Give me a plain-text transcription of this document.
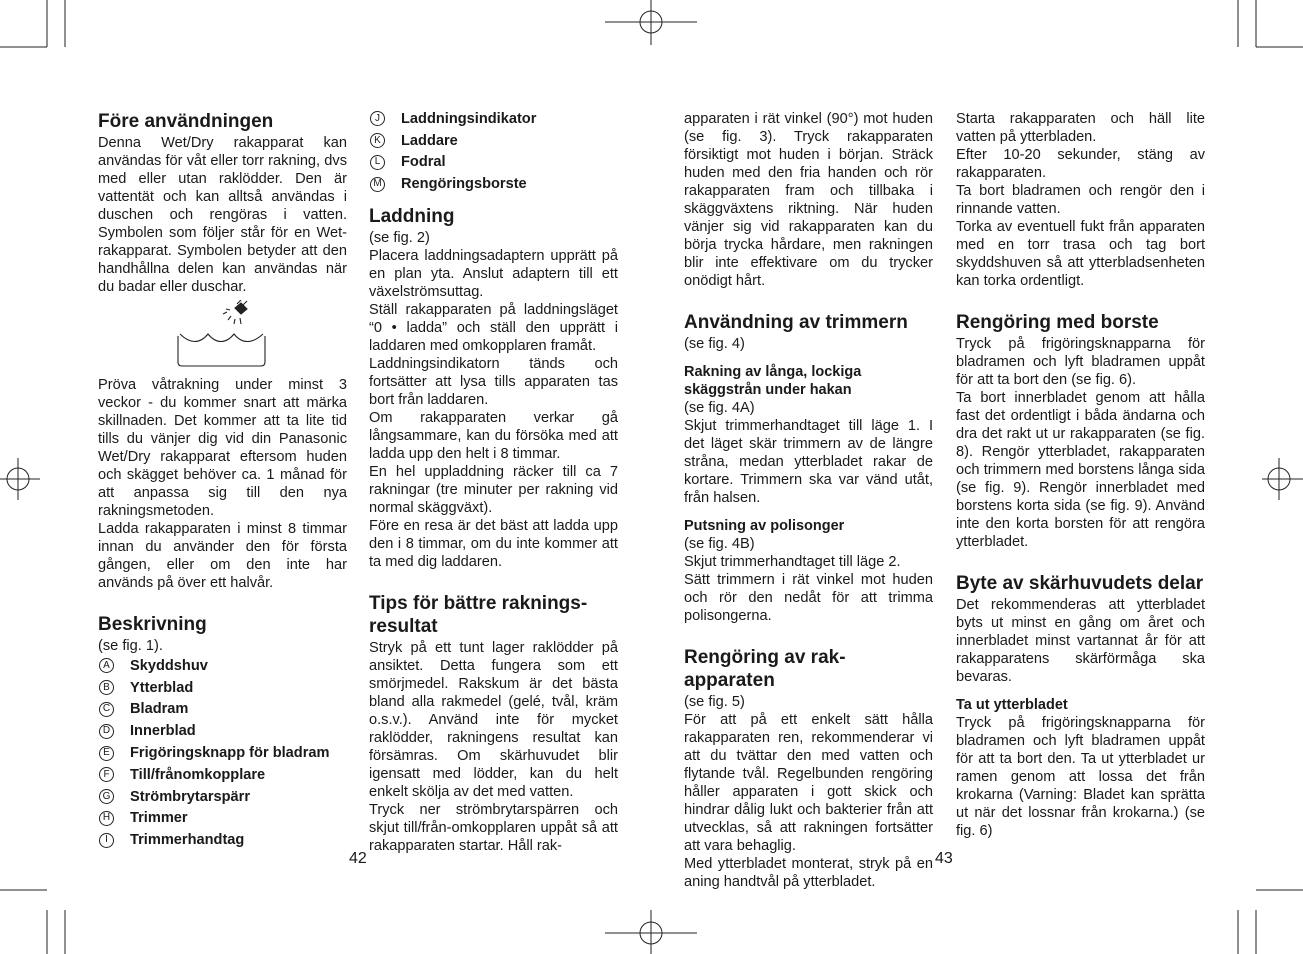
Före användningen

Denna Wet/Dry rakapparat kan användas för våt eller torr rakning, dvs med eller utan raklödder. Den är vattentät och kan alltså användas i duschen och rengöras i vatten. Symbolen som följer står för en Wet-rakapparat. Symbolen betyder att den handhållna delen kan användas när du badar eller duschar.

Pröva våtrakning under minst 3 veckor - du kommer snart att märka skillnaden. Det kommer att ta lite tid tills du vänjer dig vid din Panasonic Wet/Dry rakapparat eftersom huden och skägget behöver ca. 1 månad för att anpassa sig till den nya rakningsmetoden.

Ladda rakapparaten i minst 8 timmar innan du använder den för första gången, eller om den inte har används på över ett halvår.

Beskrivning

(se fig. 1).

A Skyddshuv
B Ytterblad
C Bladram
D Innerblad
E Frigöringsknapp för bladram
F	Till/frånomkopplare
G Strömbrytarspärr
H Trimmer
I	Trimmerhandtag
J	Laddningsindikator
K Laddare
L	Fodral
M Rengöringsborste
Laddning

(se fig. 2)

Placera laddningsadaptern upprätt på en plan yta. Anslut adaptern till ett växelströmsuttag.

Ställ rakapparaten på laddningsläget “0 • ladda” och ställ den upprätt i laddaren med omkopplaren framåt.

Laddningsindikatorn tänds och fortsätter att lysa tills apparaten tas bort från laddaren.

Om rakapparaten verkar gå långsammare, kan du försöka med att ladda upp den helt i 8 timmar.

En hel uppladdning räcker till ca 7 rakningar (tre minuter per rakning vid normal skäggväxt).

Före en resa är det bäst att ladda upp den i 8 timmar, om du inte kommer att ta med dig laddaren.

Tips för bättre raknings-resultat

Stryk på ett tunt lager raklödder på ansiktet. Detta fungera som ett smörjmedel. Rakskum är det bästa bland alla rakmedel (gelé, tvål, kräm o.s.v.). Använd inte för mycket raklödder, rakningens resultat kan försämras. Om skärhuvudet blir igensatt med lödder, kan du helt enkelt skölja av det med vatten.

Tryck ner strömbrytarspärren och skjut till/från-omkopplaren uppåt så att rakapparaten startar. Håll rak-

apparaten i rät vinkel (90°) mot huden (se fig. 3). Tryck rakapparaten försiktigt mot huden i början. Sträck huden med den fria handen och rör rakapparaten fram och tillbaka i skäggväxtens riktning. När huden vänjer sig vid rakapparaten kan du börja trycka hårdare, men rakningen blir inte effektivare om du trycker onödigt hårt.

Användning av trimmern

(se fig. 4)

Rakning av långa, lockiga skäggstrån under hakan

(se fig. 4A)

Skjut trimmerhandtaget till läge 1. I det läget skär trimmern av de längre stråna, medan ytterbladet rakar de kortare. Trimmern ska var vänd utåt, från halsen.

Putsning av polisonger

(se fig. 4B)

Skjut trimmerhandtaget till läge 2.

Sätt trimmern i rät vinkel mot huden och rör den nedåt för att trimma polisongerna.

Rengöring av rak-apparaten

(se fig. 5)

För att på ett enkelt sätt hålla rakapparaten ren, rekommenderar vi att du tvättar den med vatten och flytande tvål. Regelbunden rengöring håller apparaten i gott skick och hindrar dålig lukt och bakterier från att utvecklas, så att rakningen fortsätter att vara behaglig.

Med ytterbladet monterat, stryk på en aning handtvål på ytterbladet.

Starta rakapparaten och häll lite vatten på ytterbladen.

Efter 10-20 sekunder, stäng av rakapparaten.

Ta bort bladramen och rengör den i rinnande vatten.

Torka av eventuell fukt från apparaten med en torr trasa och tag bort skyddshuven så att ytterbladsenheten kan torka ordentligt.

Rengöring med borste

Tryck på frigöringsknapparna för bladramen och lyft bladramen uppåt för att ta bort den (se fig. 6).

Ta bort innerbladet genom att hålla fast det ordentligt i båda ändarna och dra det rakt ut ur rakapparaten (se fig. 8). Rengör ytterbladet, rakapparaten och trimmern med borstens långa sida (se fig. 9). Rengör innerbladet med borstens korta sida (se fig. 9). Använd inte den korta borsten för att rengöra ytterbladet.

Byte av skärhuvudets delar

Det rekommenderas att ytterbladet byts ut minst en gång om året och innerbladet minst vartannat år för att rakapparatens skärförmåga ska bevaras.

Ta ut ytterbladet

Tryck på frigöringsknapparna för bladramen och lyft bladramen uppåt för att ta bort den. Ta ut ytterbladet ur ramen genom att lossa det från krokarna (Varning: Bladet kan sprätta ut när det lossnar från krokarna.) (se fig. 6)

42	43
